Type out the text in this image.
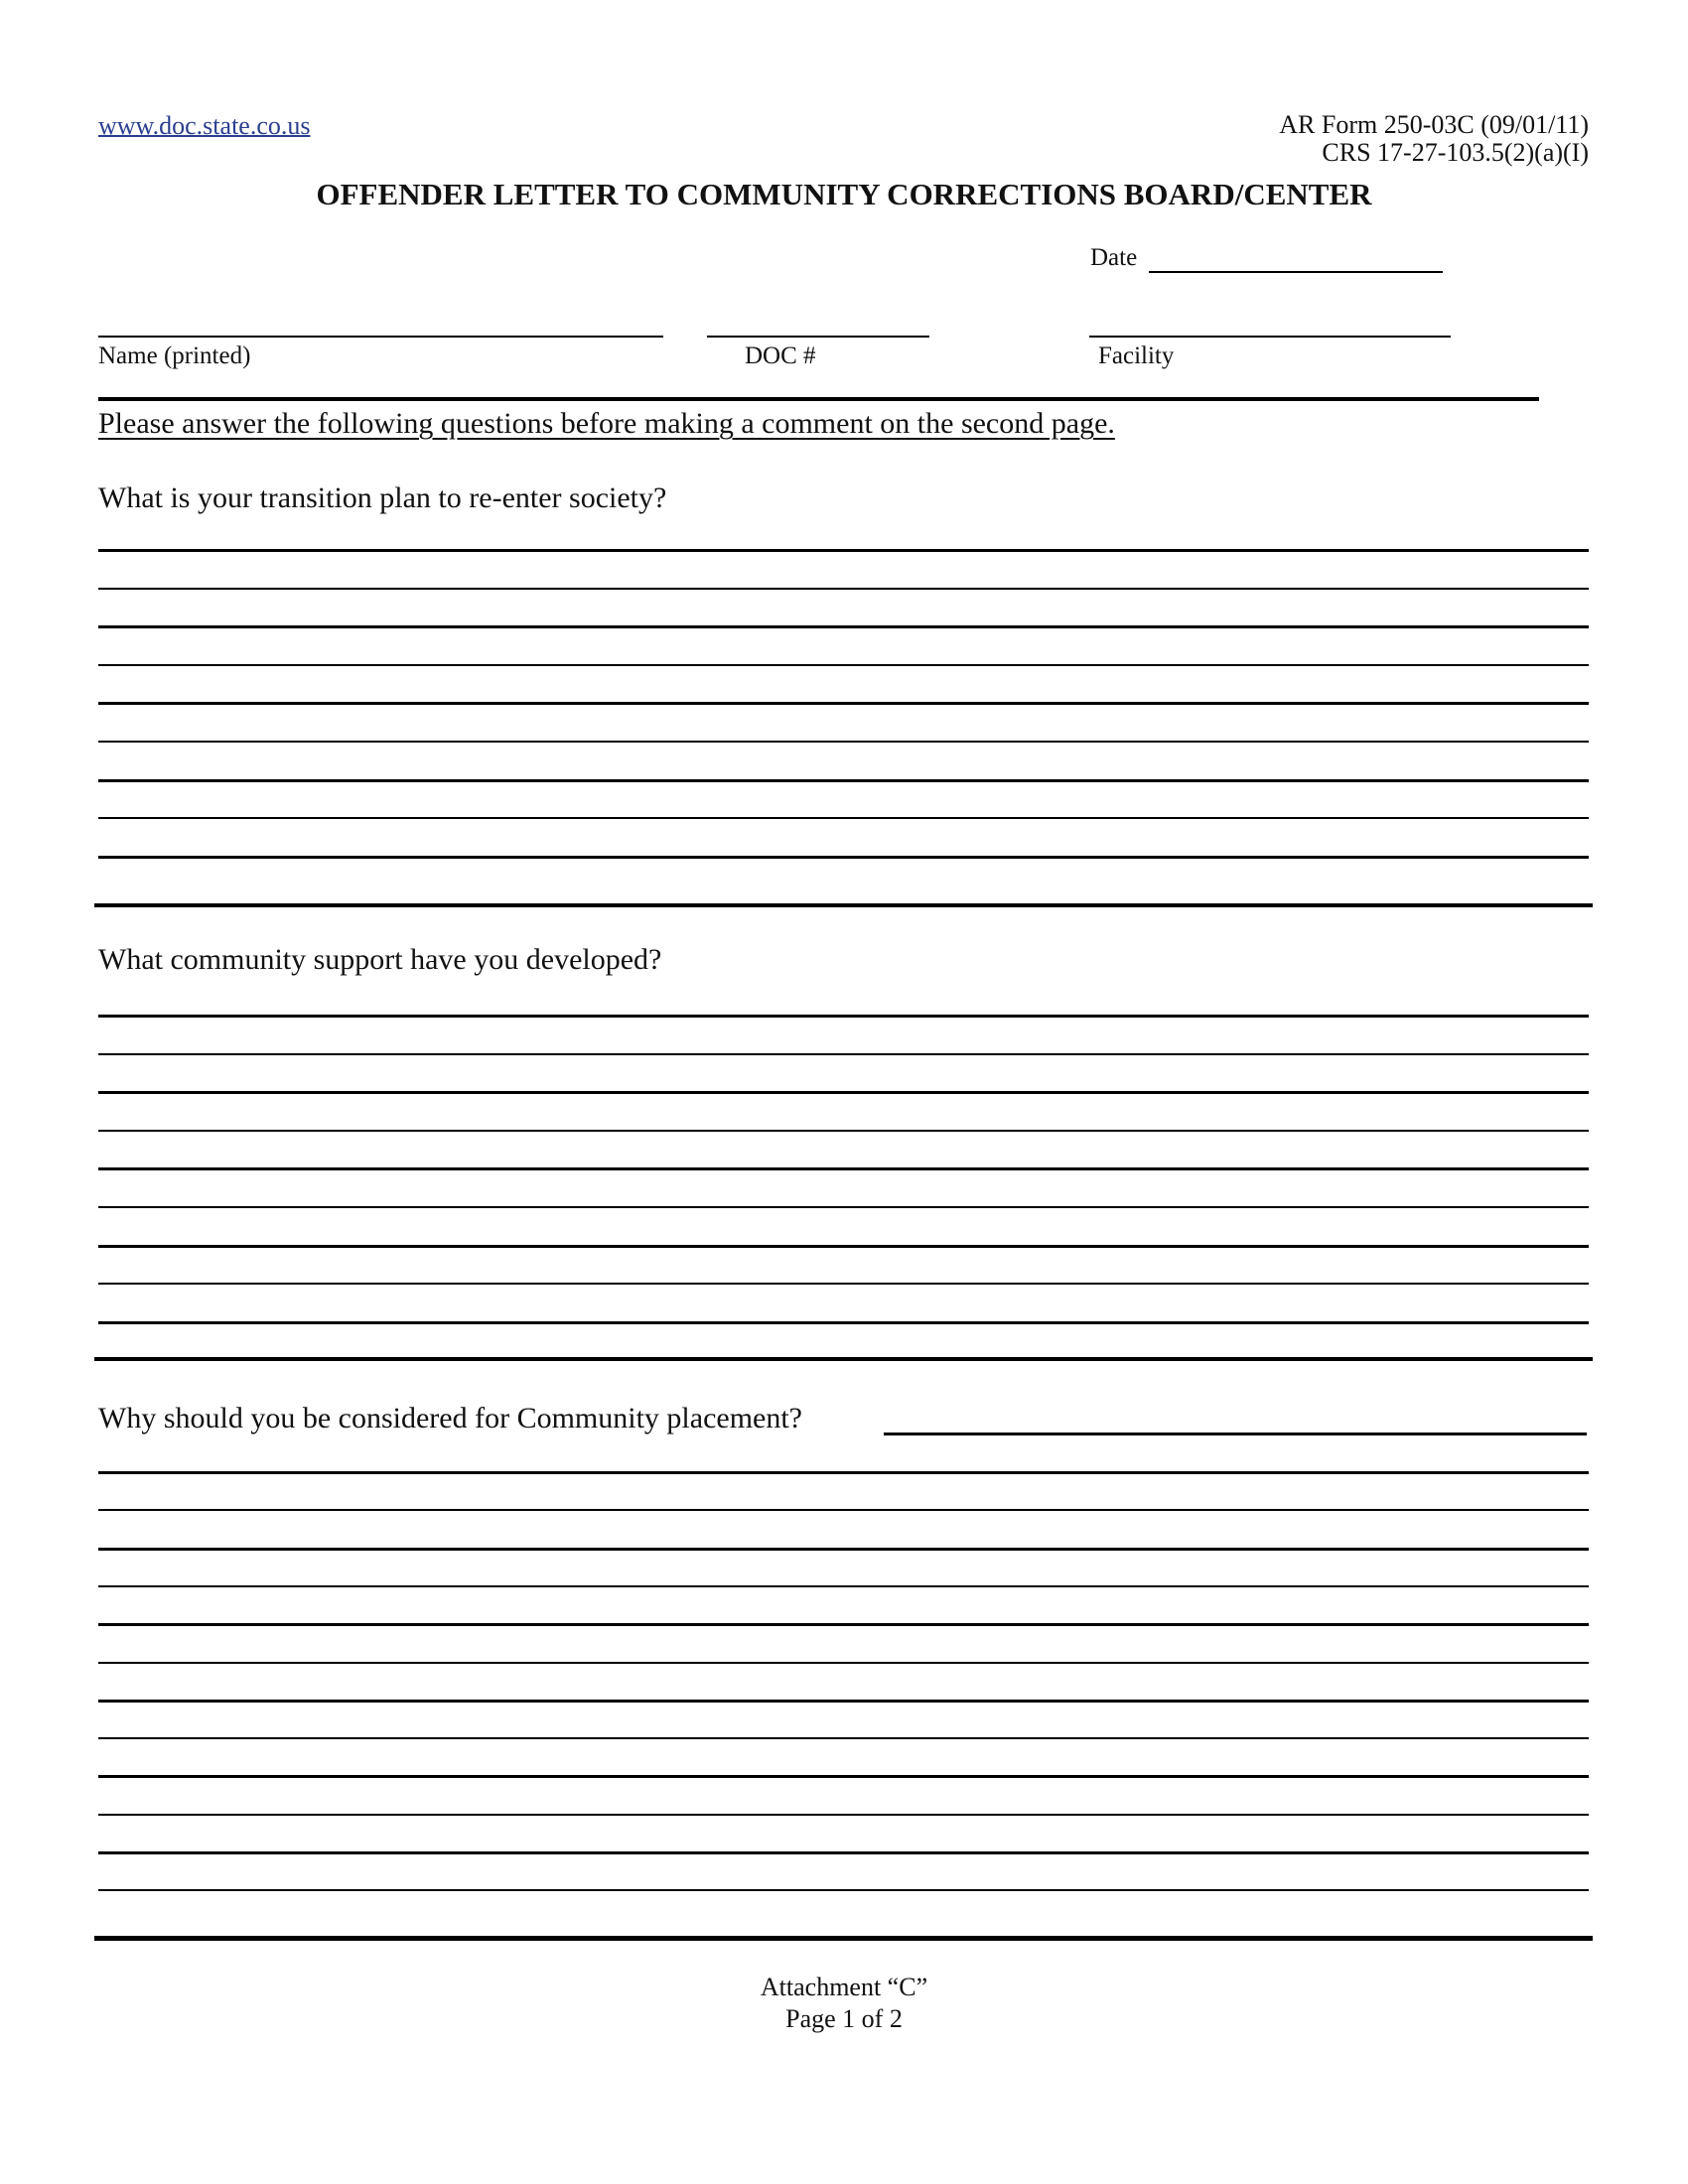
www.doc.state.co.us	AR Form 250-03C (09/01/11)
CRS 17-27-103.5(2)(a)(I)
OFFENDER LETTER TO COMMUNITY CORRECTIONS BOARD/CENTER
Date
Name (printed)	DOC #	Facility
Please answer the following questions before making a comment on the second page.
What is your transition plan to re-enter society?
What community support have you developed?
Why should you be considered for Community placement?
Attachment “C”
Page 1 of 2
